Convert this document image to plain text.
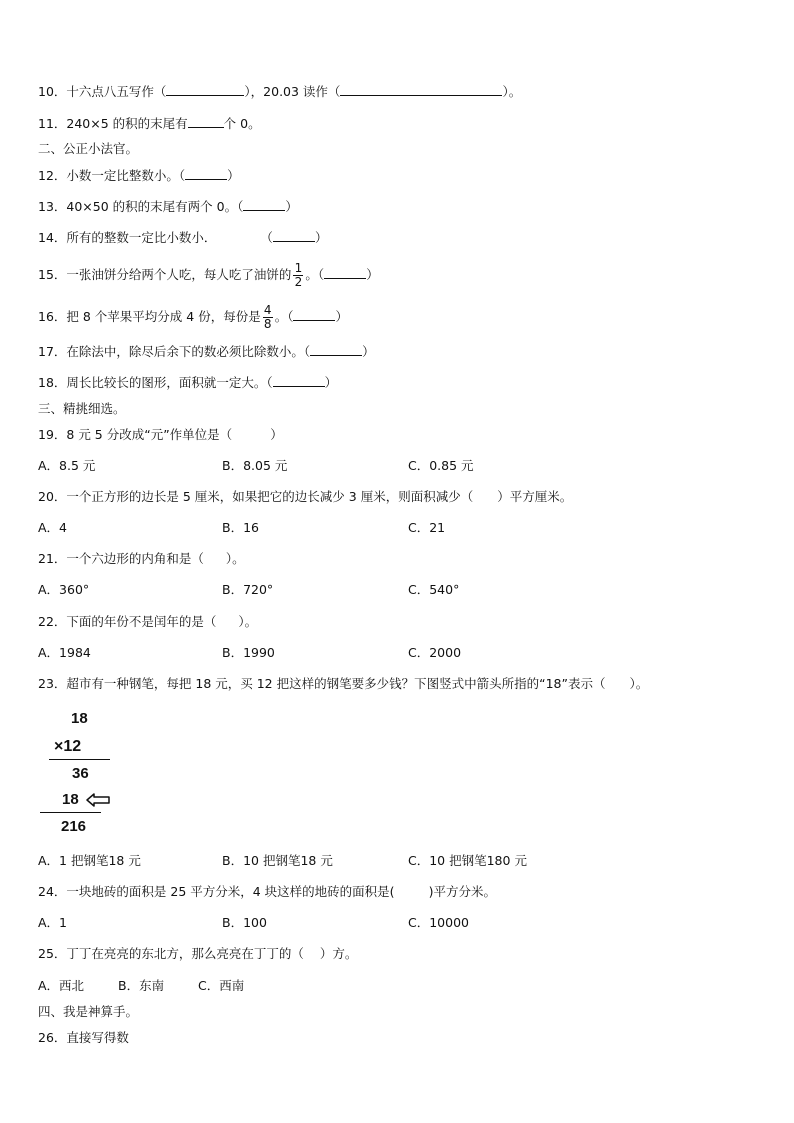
10．十六点八五写作（	），20.03 读作（	）。
11．240×5 的积的末尾有	个 0。
二、公正小法官。
12．小数一定比整数小。（	）
13．40×50 的积的末尾有两个 0。（	）
14．所有的整数一定比小数小．	（	）
15．一张油饼分给两个人吃，每人吃了油饼的 $\frac{1}{2}$ 。（	）
16．把 8 个苹果平均分成 4 份，每份是 $\frac{4}{8}$ 。（	）
17．在除法中，除尽后余下的数必须比除数小。（	）
18．周长比较长的图形，面积就一定大。（	）
三、精挑细选。
19．8 元 5 分改成“元”作单位是（	）
A．8.5 元	B．8.05 元	C．0.85 元
20．一个正方形的边长是 5 厘米，如果把它的边长减少 3 厘米，则面积减少（ ）平方厘米。
A．4	B．16	C．21
21．一个六边形的内角和是（ ）。
A．360°	B．720°	C．540°
22．下面的年份不是闰年的是（ ）。
A．1984	B．1990	C．2000
23．超市有一种钢笔，每把 18 元，买 12 把这样的钢笔要多少钱？下图竖式中箭头所指的“18”表示（ ）。
18
×12
36
18
216
A．1 把钢笔18 元	B．10 把钢笔18 元	C．10 把钢笔180 元
24．一块地砖的面积是 25 平方分米，4 块这样的地砖的面积是(	)平方分米。
A．1	B．100	C．10000
25．丁丁在亮亮的东北方，那么亮亮在丁丁的（ ）方。
A．西北	B．东南	C．西南
四、我是神算手。
26．直接写得数
